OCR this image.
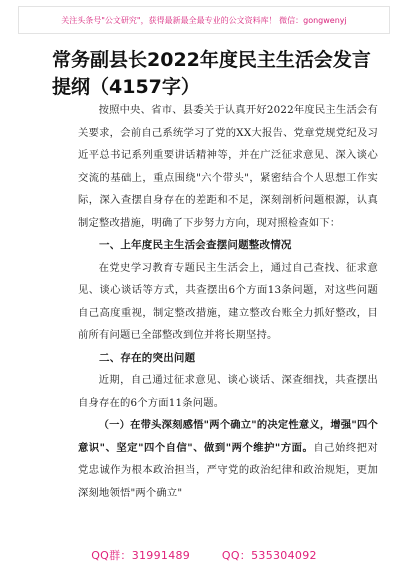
关注头条号"公文研究"，获得最新最全最专业的公文资料库！ 微信：gongwenyj
常务副县长2022年度民主生活会发言提纲（4157字）

按照中央、省市、县委关于认真开好2022年度民主生活会有关要求，会前自己系统学习了党的XX大报告、党章党规党纪及习近平总书记系列重要讲话精神等，并在广泛征求意见、深入谈心交流的基础上，重点围绕"六个带头"，紧密结合个人思想工作实际，深入查摆自身存在的差距和不足，深刻剖析问题根源，认真制定整改措施，明确了下步努力方向，现对照检查如下：

一、上年度民主生活会查摆问题整改情况

在党史学习教育专题民主生活会上，通过自己查找、征求意见、谈心谈话等方式，共查摆出6个方面13条问题，对这些问题自己高度重视，制定整改措施，建立整改台账全力抓好整改，目前所有问题已全部整改到位并将长期坚持。

二、存在的突出问题

近期，自己通过征求意见、谈心谈话、深查细找，共查摆出自身存在的6个方面11条问题。

（一）在带头深刻感悟"两个确立"的决定性意义，增强"四个意识"、坚定"四个自信"、做到"两个维护"方面。自己始终把对党忠诚作为根本政治担当，严守党的政治纪律和政治规矩，更加深刻地领悟"两个确立"

QQ群：31991489	QQ：535304092
